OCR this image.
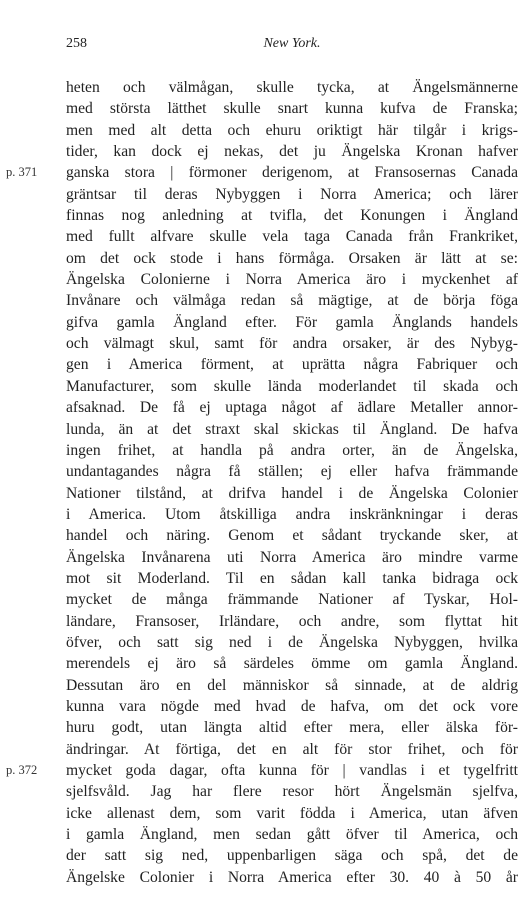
258	New York.
heten och välmågan, skulle tycka, at Ängelsmännerne
med största lätthet skulle snart kunna kufva de Franska;
men med alt detta och ehuru oriktigt här tilgår i krigs-
tider, kan dock ej nekas, det ju Ängelska Kronan hafver
ganska stora | förmoner derigenom, at Fransosernas Canada
p. 371
gräntsar til deras Nybyggen i Norra America; och lärer
finnas nog anledning at tvifla, det Konungen i Ängland
med fullt alfvare skulle vela taga Canada från Frankriket,
om det ock stode i hans förmåga. Orsaken är lätt at se:
Ängelska Colonierne i Norra America äro i myckenhet af
Invånare och välmåga redan så mägtige, at de börja föga
gifva gamla Ängland efter. För gamla Änglands handels
och välmagt skul, samt för andra orsaker, är des Nybyg-
gen i America förment, at uprätta några Fabriquer och
Manufacturer, som skulle lända moderlandet til skada och
afsaknad. De få ej uptaga något af ädlare Metaller annor-
lunda, än at det straxt skal skickas til Ängland. De hafva
ingen frihet, at handla på andra orter, än de Ängelska,
undantagandes några få ställen; ej eller hafva främmande
Nationer tilstånd, at drifva handel i de Ängelska Colonier
i America. Utom åtskilliga andra inskränkningar i deras
handel och näring. Genom et sådant tryckande sker, at
Ängelska Invånarena uti Norra America äro mindre varme
mot sit Moderland. Til en sådan kall tanka bidraga ock
mycket de många främmande Nationer af Tyskar, Hol-
ländare, Fransoser, Irländare, och andre, som flyttat hit
öfver, och satt sig ned i de Ängelska Nybyggen, hvilka
merendels ej äro så särdeles ömme om gamla Ängland.
Dessutan äro en del människor så sinnade, at de aldrig
kunna vara nögde med hvad de hafva, om det ock vore
huru godt, utan längta altid efter mera, eller älska för-
ändringar. At förtiga, det en alt för stor frihet, och för
mycket goda dagar, ofta kunna för | vandlas i et tygelfritt
p. 372
sjelfsvåld. Jag har flere resor hört Ängelsmän sjelfva,
icke allenast dem, som varit födda i America, utan äfven
i gamla Ängland, men sedan gått öfver til America, och
der satt sig ned, uppenbarligen säga och spå, det de
Ängelske Colonier i Norra America efter 30. 40 à 50 år
